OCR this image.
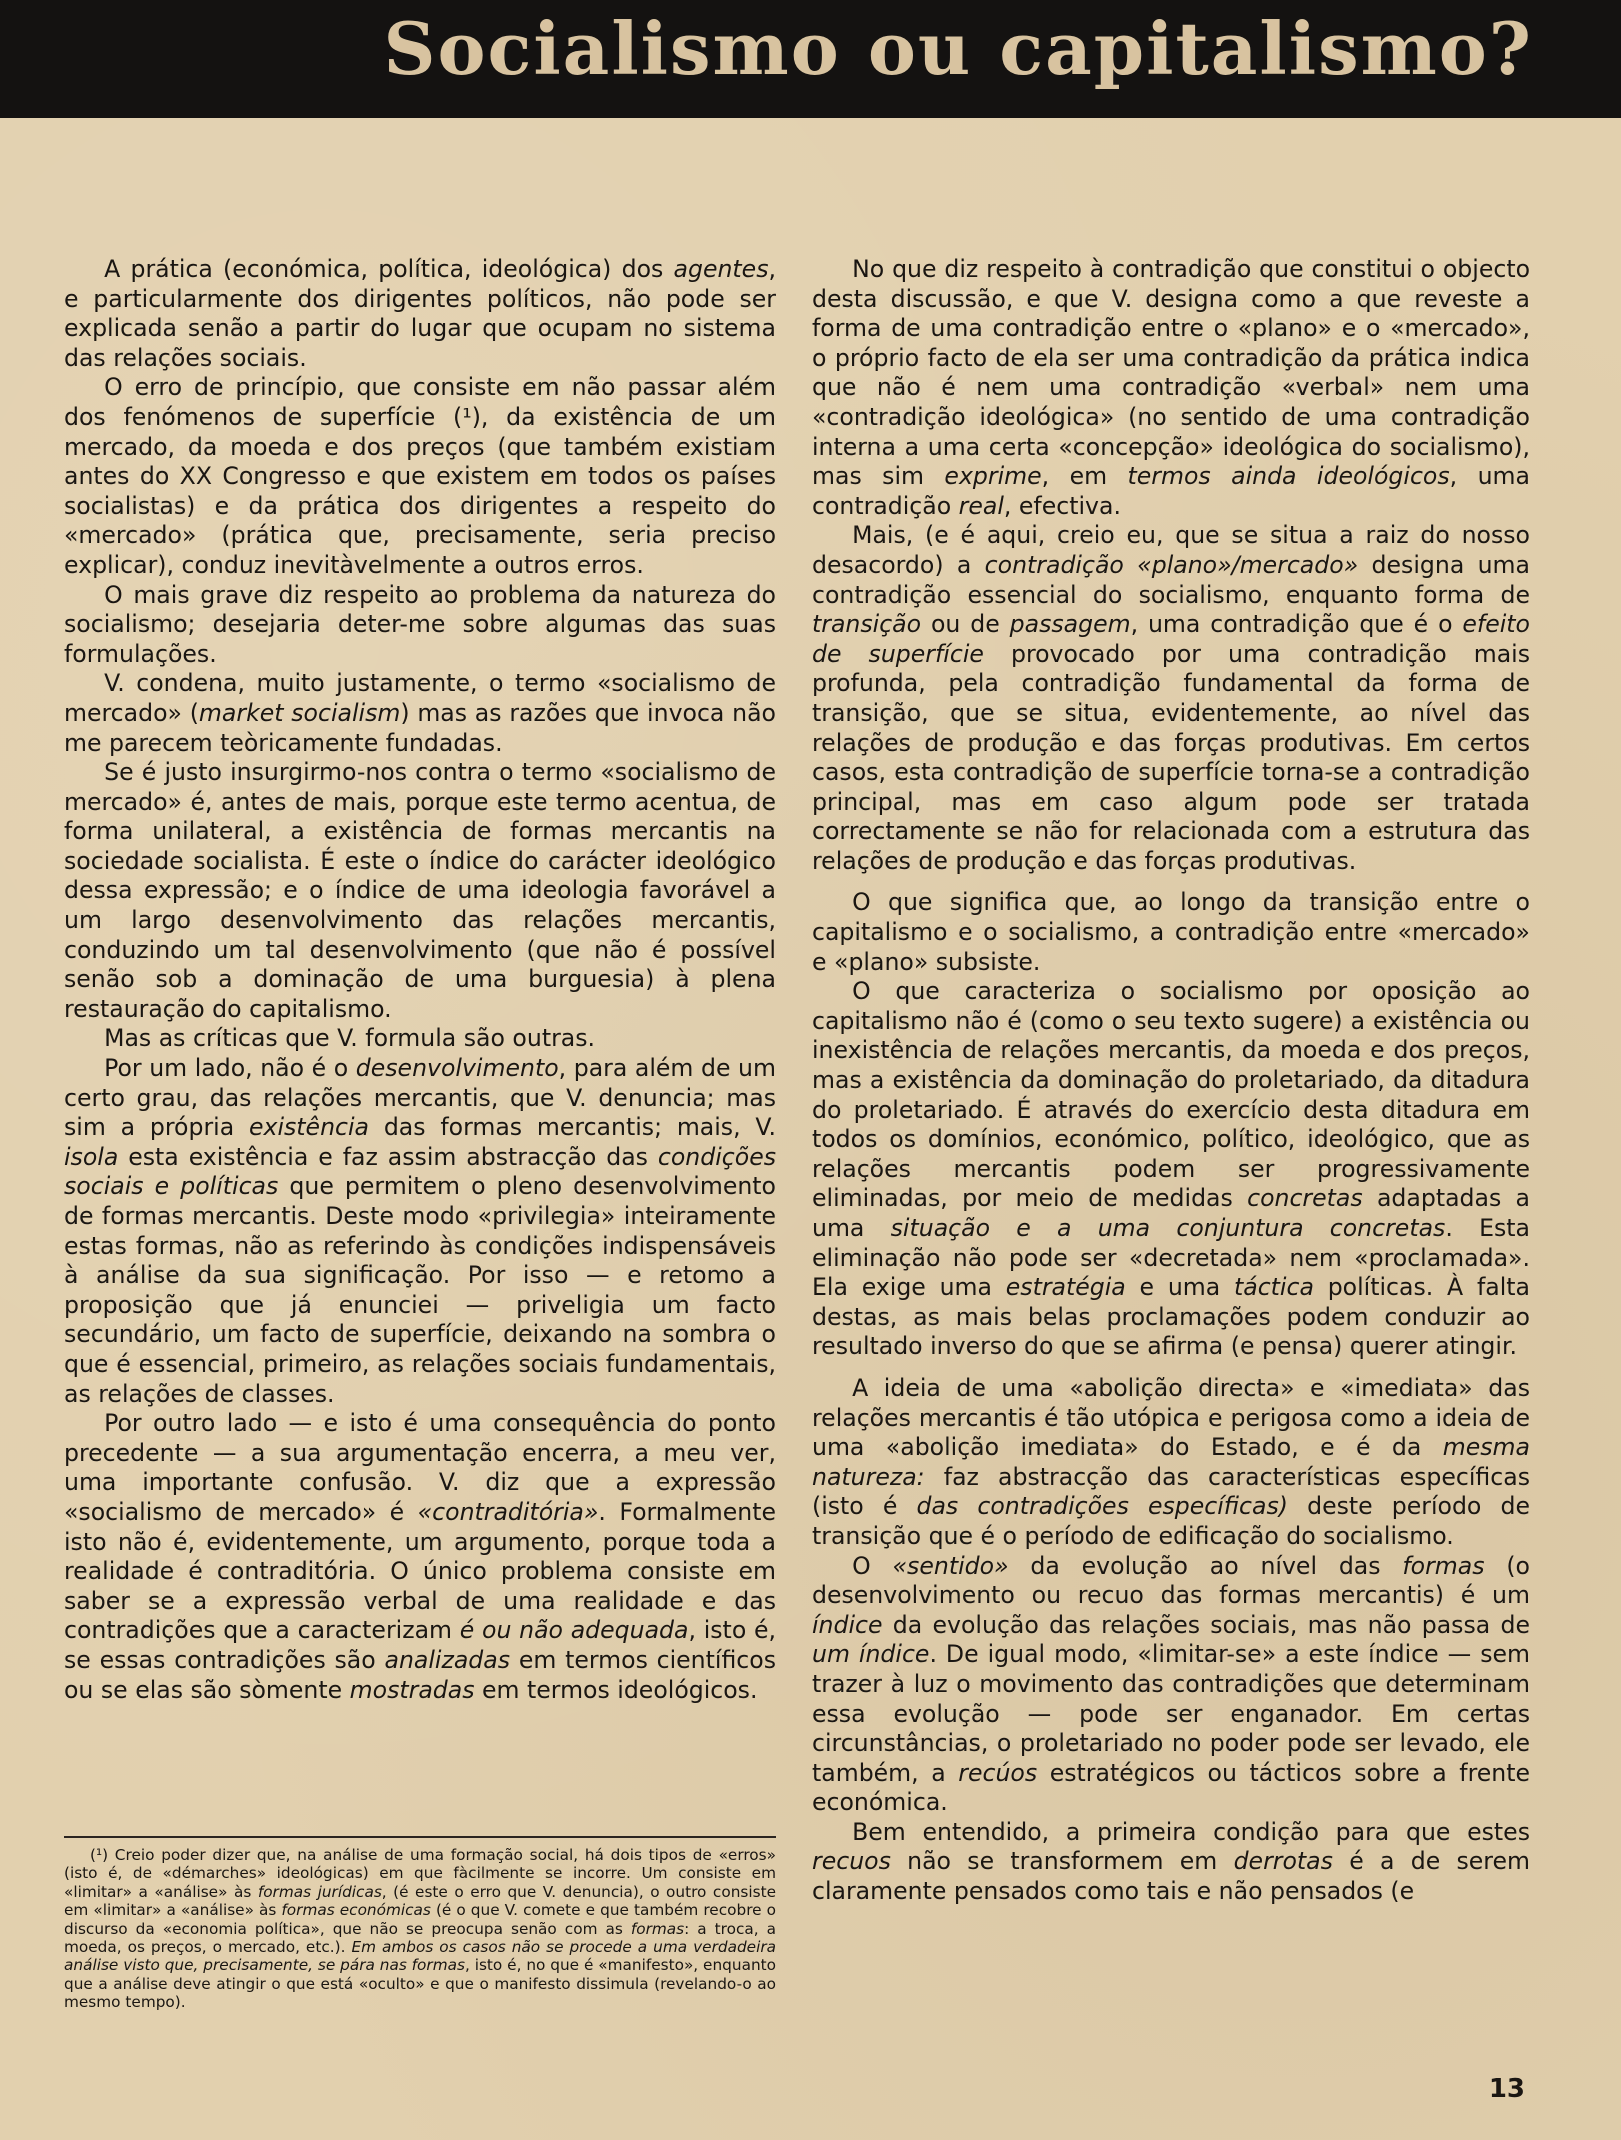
Socialismo ou capitalismo?

A prática (económica, política, ideológica) dos agentes, e particularmente dos dirigentes políticos, não pode ser explicada senão a partir do lugar que ocupam no sistema das relações sociais.

O erro de princípio, que consiste em não passar além dos fenómenos de superfície (¹), da existência de um mercado, da moeda e dos preços (que também existiam antes do XX Congresso e que existem em todos os países socialistas) e da prática dos dirigentes a respeito do «mercado» (prática que, precisamente, seria preciso explicar), conduz inevitàvelmente a outros erros.

O mais grave diz respeito ao problema da natureza do socialismo; desejaria deter-me sobre algumas das suas formulações.

V. condena, muito justamente, o termo «socialismo de mercado» (market socialism) mas as razões que invoca não me parecem teòricamente fundadas.

Se é justo insurgirmo-nos contra o termo «socialismo de mercado» é, antes de mais, porque este termo acentua, de forma unilateral, a existência de formas mercantis na sociedade socialista. É este o índice do carácter ideológico dessa expressão; e o índice de uma ideologia favorável a um largo desenvolvimento das relações mercantis, conduzindo um tal desenvolvimento (que não é possível senão sob a dominação de uma burguesia) à plena restauração do capitalismo.

Mas as críticas que V. formula são outras.

Por um lado, não é o desenvolvimento, para além de um certo grau, das relações mercantis, que V. denuncia; mas sim a própria existência das formas mercantis; mais, V. isola esta existência e faz assim abstracção das condições sociais e políticas que permitem o pleno desenvolvimento de formas mercantis. Deste modo «privilegia» inteiramente estas formas, não as referindo às condições indispensáveis à análise da sua significação. Por isso — e retomo a proposição que já enunciei — priveligia um facto secundário, um facto de superfície, deixando na sombra o que é essencial, primeiro, as relações sociais fundamentais, as relações de classes.

Por outro lado — e isto é uma consequência do ponto precedente — a sua argumentação encerra, a meu ver, uma importante confusão. V. diz que a expressão «socialismo de mercado» é «contraditória». Formalmente isto não é, evidentemente, um argumento, porque toda a realidade é contraditória. O único problema consiste em saber se a expressão verbal de uma realidade e das contradições que a caracterizam é ou não adequada, isto é, se essas contradições são analizadas em termos científicos ou se elas são sòmente mostradas em termos ideológicos.

(¹) Creio poder dizer que, na análise de uma formação social, há dois tipos de «erros» (isto é, de «démarches» ideológicas) em que fàcilmente se incorre. Um consiste em «limitar» a «análise» às formas jurídicas, (é este o erro que V. denuncia), o outro consiste em «limitar» a «análise» às formas económicas (é o que V. comete e que também recobre o discurso da «economia política», que não se preocupa senão com as formas: a troca, a moeda, os preços, o mercado, etc.). Em ambos os casos não se procede a uma verdadeira análise visto que, precisamente, se pára nas formas, isto é, no que é «manifesto», enquanto que a análise deve atingir o que está «oculto» e que o manifesto dissimula (revelando-o ao mesmo tempo).

No que diz respeito à contradição que constitui o objecto desta discussão, e que V. designa como a que reveste a forma de uma contradição entre o «plano» e o «mercado», o próprio facto de ela ser uma contradição da prática indica que não é nem uma contradição «verbal» nem uma «contradição ideológica» (no sentido de uma contradição interna a uma certa «concepção» ideológica do socialismo), mas sim exprime, em termos ainda ideológicos, uma contradição real, efectiva.

Mais, (e é aqui, creio eu, que se situa a raiz do nosso desacordo) a contradição «plano»/mercado» designa uma contradição essencial do socialismo, enquanto forma de transição ou de passagem, uma contradição que é o efeito de superfície provocado por uma contradição mais profunda, pela contradição fundamental da forma de transição, que se situa, evidentemente, ao nível das relações de produção e das forças produtivas. Em certos casos, esta contradição de superfície torna-se a contradição principal, mas em caso algum pode ser tratada correctamente se não for relacionada com a estrutura das relações de produção e das forças produtivas.

O que significa que, ao longo da transição entre o capitalismo e o socialismo, a contradição entre «mercado» e «plano» subsiste.

O que caracteriza o socialismo por oposição ao capitalismo não é (como o seu texto sugere) a existência ou inexistência de relações mercantis, da moeda e dos preços, mas a existência da dominação do proletariado, da ditadura do proletariado. É através do exercício desta ditadura em todos os domínios, económico, político, ideológico, que as relações mercantis podem ser progressivamente eliminadas, por meio de medidas concretas adaptadas a uma situação e a uma conjuntura concretas. Esta eliminação não pode ser «decretada» nem «proclamada». Ela exige uma estratégia e uma táctica políticas. À falta destas, as mais belas proclamações podem conduzir ao resultado inverso do que se afirma (e pensa) querer atingir.

A ideia de uma «abolição directa» e «imediata» das relações mercantis é tão utópica e perigosa como a ideia de uma «abolição imediata» do Estado, e é da mesma natureza: faz abstracção das características específicas (isto é das contradições específicas) deste período de transição que é o período de edificação do socialismo.

O «sentido» da evolução ao nível das formas (o desenvolvimento ou recuo das formas mercantis) é um índice da evolução das relações sociais, mas não passa de um índice. De igual modo, «limitar-se» a este índice — sem trazer à luz o movimento das contradições que determinam essa evolução — pode ser enganador. Em certas circunstâncias, o proletariado no poder pode ser levado, ele também, a recúos estratégicos ou tácticos sobre a frente económica.

Bem entendido, a primeira condição para que estes recuos não se transformem em derrotas é a de serem claramente pensados como tais e não pensados (e

13
